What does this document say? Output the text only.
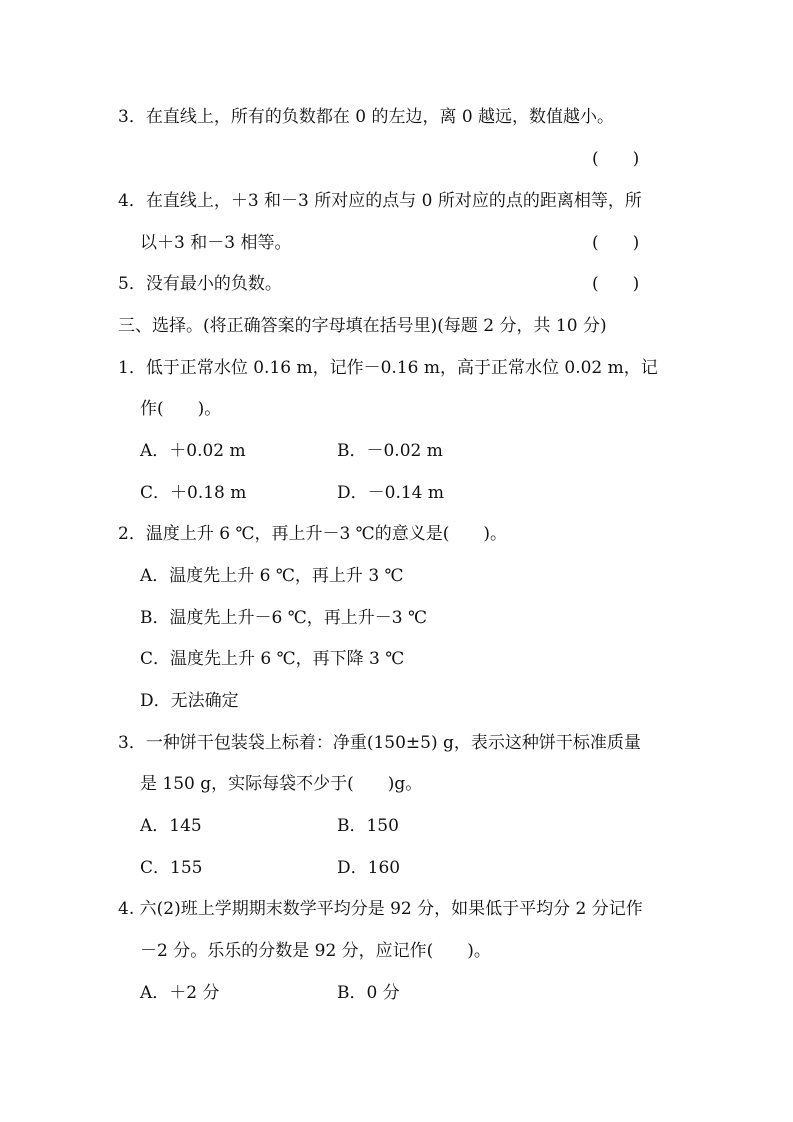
3．在直线上，所有的负数都在 0 的左边，离 0 越远，数值越小。
(　　)
4．在直线上，＋3 和－3 所对应的点与 0 所对应的点的距离相等，所
以＋3 和－3 相等。	(　　)
5．没有最小的负数。	(　　)
三、选择。(将正确答案的字母填在括号里)(每题 2 分，共 10 分)
1．低于正常水位 0.16 m，记作－0.16 m，高于正常水位 0.02 m，记
作(　　)。
A．＋0.02 m	B．－0.02 m
C．＋0.18 m	D．－0.14 m
2．温度上升 6 ℃，再上升－3 ℃的意义是(　　)。
A．温度先上升 6 ℃，再上升 3 ℃
B．温度先上升－6 ℃，再上升－3 ℃
C．温度先上升 6 ℃，再下降 3 ℃
D．无法确定
3．一种饼干包装袋上标着：净重(150±5) g，表示这种饼干标准质量
是 150 g，实际每袋不少于(　　)g。
A．145	B．150
C．155	D．160
4. 六(2)班上学期期末数学平均分是 92 分，如果低于平均分 2 分记作
－2 分。乐乐的分数是 92 分，应记作(　　)。
A．＋2 分	B．0 分
